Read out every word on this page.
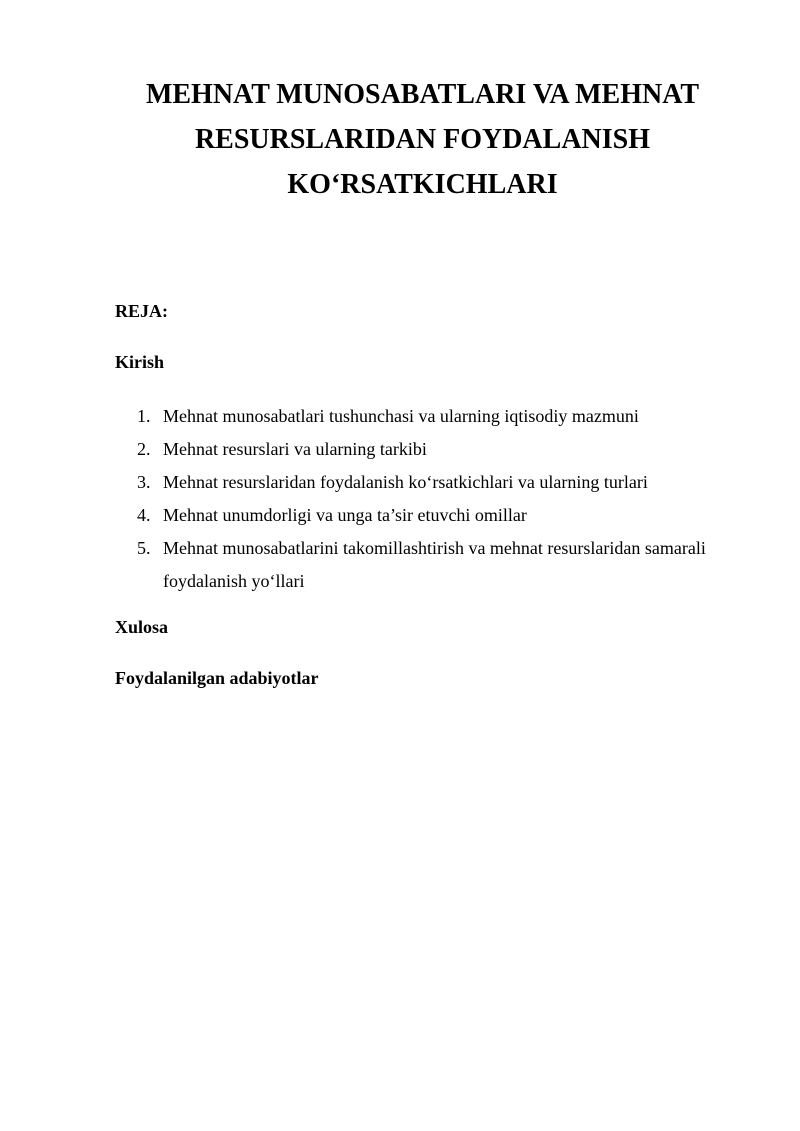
MEHNAT MUNOSABATLARI VA MEHNAT
RESURSLARIDAN FOYDALANISH
KO‘RSATKICHLARI
REJA:
Kirish
1. Mehnat munosabatlari tushunchasi va ularning iqtisodiy mazmuni
2. Mehnat resurslari va ularning tarkibi
3. Mehnat resurslaridan foydalanish ko‘rsatkichlari va ularning turlari
4. Mehnat unumdorligi va unga ta’sir etuvchi omillar
5. Mehnat munosabatlarini takomillashtirish va mehnat resurslaridan samarali foydalanish yo‘llari
Xulosa
Foydalanilgan adabiyotlar
